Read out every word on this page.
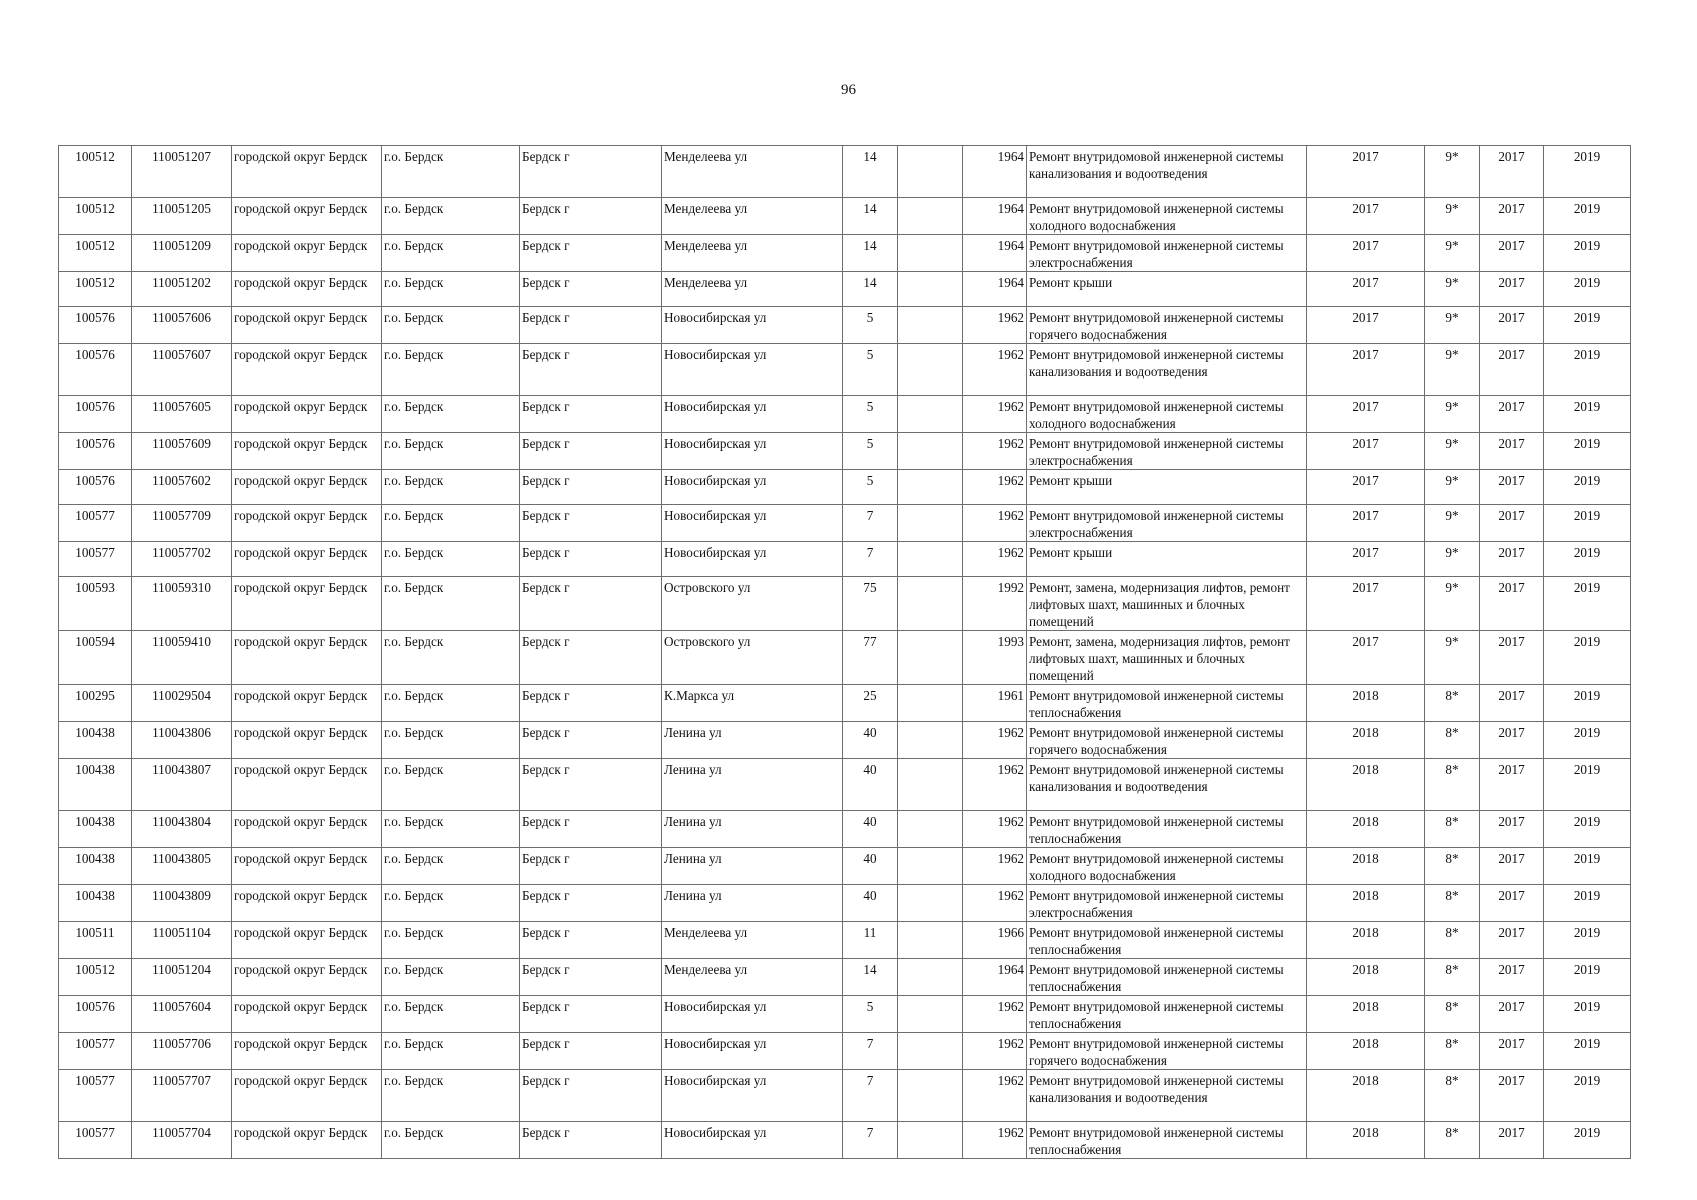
96
100512	110051207	городской округ Бердск	г.о. Бердск	Бердск г	Менделеева ул	14		1964	Ремонт внутридомовой инженерной системы канализования и водоотведения	2017	9*	2017	2019
100512	110051205	городской округ Бердск	г.о. Бердск	Бердск г	Менделеева ул	14		1964	Ремонт внутридомовой инженерной системы холодного водоснабжения	2017	9*	2017	2019
100512	110051209	городской округ Бердск	г.о. Бердск	Бердск г	Менделеева ул	14		1964	Ремонт внутридомовой инженерной системы электроснабжения	2017	9*	2017	2019
100512	110051202	городской округ Бердск	г.о. Бердск	Бердск г	Менделеева ул	14		1964	Ремонт крыши	2017	9*	2017	2019
100576	110057606	городской округ Бердск	г.о. Бердск	Бердск г	Новосибирская ул	5		1962	Ремонт внутридомовой инженерной системы горячего водоснабжения	2017	9*	2017	2019
100576	110057607	городской округ Бердск	г.о. Бердск	Бердск г	Новосибирская ул	5		1962	Ремонт внутридомовой инженерной системы канализования и водоотведения	2017	9*	2017	2019
100576	110057605	городской округ Бердск	г.о. Бердск	Бердск г	Новосибирская ул	5		1962	Ремонт внутридомовой инженерной системы холодного водоснабжения	2017	9*	2017	2019
100576	110057609	городской округ Бердск	г.о. Бердск	Бердск г	Новосибирская ул	5		1962	Ремонт внутридомовой инженерной системы электроснабжения	2017	9*	2017	2019
100576	110057602	городской округ Бердск	г.о. Бердск	Бердск г	Новосибирская ул	5		1962	Ремонт крыши	2017	9*	2017	2019
100577	110057709	городской округ Бердск	г.о. Бердск	Бердск г	Новосибирская ул	7		1962	Ремонт внутридомовой инженерной системы электроснабжения	2017	9*	2017	2019
100577	110057702	городской округ Бердск	г.о. Бердск	Бердск г	Новосибирская ул	7		1962	Ремонт крыши	2017	9*	2017	2019
100593	110059310	городской округ Бердск	г.о. Бердск	Бердск г	Островского ул	75		1992	Ремонт, замена, модернизация лифтов, ремонт лифтовых шахт, машинных и блочных помещений	2017	9*	2017	2019
100594	110059410	городской округ Бердск	г.о. Бердск	Бердск г	Островского ул	77		1993	Ремонт, замена, модернизация лифтов, ремонт лифтовых шахт, машинных и блочных помещений	2017	9*	2017	2019
100295	110029504	городской округ Бердск	г.о. Бердск	Бердск г	К.Маркса ул	25		1961	Ремонт внутридомовой инженерной системы теплоснабжения	2018	8*	2017	2019
100438	110043806	городской округ Бердск	г.о. Бердск	Бердск г	Ленина ул	40		1962	Ремонт внутридомовой инженерной системы горячего водоснабжения	2018	8*	2017	2019
100438	110043807	городской округ Бердск	г.о. Бердск	Бердск г	Ленина ул	40		1962	Ремонт внутридомовой инженерной системы канализования и водоотведения	2018	8*	2017	2019
100438	110043804	городской округ Бердск	г.о. Бердск	Бердск г	Ленина ул	40		1962	Ремонт внутридомовой инженерной системы теплоснабжения	2018	8*	2017	2019
100438	110043805	городской округ Бердск	г.о. Бердск	Бердск г	Ленина ул	40		1962	Ремонт внутридомовой инженерной системы холодного водоснабжения	2018	8*	2017	2019
100438	110043809	городской округ Бердск	г.о. Бердск	Бердск г	Ленина ул	40		1962	Ремонт внутридомовой инженерной системы электроснабжения	2018	8*	2017	2019
100511	110051104	городской округ Бердск	г.о. Бердск	Бердск г	Менделеева ул	11		1966	Ремонт внутридомовой инженерной системы теплоснабжения	2018	8*	2017	2019
100512	110051204	городской округ Бердск	г.о. Бердск	Бердск г	Менделеева ул	14		1964	Ремонт внутридомовой инженерной системы теплоснабжения	2018	8*	2017	2019
100576	110057604	городской округ Бердск	г.о. Бердск	Бердск г	Новосибирская ул	5		1962	Ремонт внутридомовой инженерной системы теплоснабжения	2018	8*	2017	2019
100577	110057706	городской округ Бердск	г.о. Бердск	Бердск г	Новосибирская ул	7		1962	Ремонт внутридомовой инженерной системы горячего водоснабжения	2018	8*	2017	2019
100577	110057707	городской округ Бердск	г.о. Бердск	Бердск г	Новосибирская ул	7		1962	Ремонт внутридомовой инженерной системы канализования и водоотведения	2018	8*	2017	2019
100577	110057704	городской округ Бердск	г.о. Бердск	Бердск г	Новосибирская ул	7		1962	Ремонт внутридомовой инженерной системы теплоснабжения	2018	8*	2017	2019
